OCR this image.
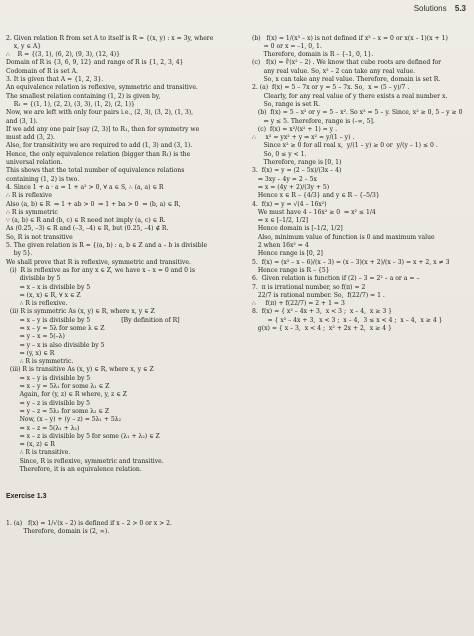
Solutions 5.3

2. Given relation R from set A to itself is R = {(x, y) : x = 3y, where
x, y ∈ A}
∴    R = {(3, 1), (6, 2), (9, 3), (12, 4)}
Domain of R is {3, 6, 9, 12} and range of R is {1, 2, 3, 4}
Codomain of R is set A.
3. It is given that A = {1, 2, 3}.
An equivalence relation is reflexive, symmetric and transitive.
The smallest relation containing (1, 2) is given by,
R₁ = {(1, 1), (2, 2), (3, 3), (1, 2), (2, 1)}
Now, we are left with only four pairs i.e., (2, 3), (3, 2), (1, 3),
and (3, 1).
If we add any one pair [say (2, 3)] to R₁, then for symmetry we
must add (3, 2).
Also, for transitivity we are required to add (1, 3) and (3, 1).
Hence, the only equivalence relation (bigger than R₁) is the
universal relation.
This shows that the total number of equivalence relations
containing (1, 2) is two.
4. Since 1 + a · a = 1 + a² > 0, ∀ a ∈ S, ∴ (a, a) ∈ R
∴ R is reflexive
Also (a, b) ∈ R  ⇒ 1 + ab > 0  ⇒ 1 + ba > 0  ⇒ (b, a) ∈ R,
∴ R is symmetric
∵ (a, b) ∈ R and (b, c) ∈ R need not imply (a, c) ∈ R.
As (0.25, –3) ∈ R and (–3, –4) ∈ R, but (0.25, –4) ∉ R.
So, R is not transitive
5. The given relation is R = {(a, b) : a, b ∈ Z and a – b is divisible
by 5}.
We shall prove that R is reflexive, symmetric and transitive.
(i)  R is reflexive as for any x ∈ Z, we have x – x = 0 and 0 is
divisible by 5
⇒ x – x is divisible by 5
⇒ (x, x) ∈ R, ∀ x ∈ Z
∴ R is reflexive.
(ii) R is symmetric As (x, y) ∈ R, where x, y ∈ Z
⇒ x – y is divisible by 5                [By definition of R]
⇒ x – y = 5λ for some λ ∈ Z
⇒ y – x = 5(–λ)
⇒ y – x is also divisible by 5
⇒ (y, x) ∈ R
∴ R is symmetric.
(iii) R is transitive As (x, y) ∈ R, where x, y ∈ Z
⇒ x – y is divisible by 5
⇒ x – y = 5λ₁ for some λ₁ ∈ Z
Again, for (y, z) ∈ R where, y, z ∈ Z
⇒ y – z is divisible by 5
⇒ y – z = 5λ₂ for some λ₂ ∈ Z
Now, (x – y) + (y – z) = 5λ₁ + 5λ₂
⇒ x – z = 5(λ₁ + λ₂)
⇒ x – z is divisible by 5 for some (λ₁ + λ₂) ∈ Z
⇒ (x, z) ∈ R
∴ R is transitive.
Since, R is reflexive, symmetric and transitive.
Therefore, it is an equivalence relation.

Exercise 1.3

1. (a)   f(x) = 1/√(x – 2) is defined if x – 2 > 0 or x > 2.
Therefore, domain is (2, ∞).

(b)   f(x) = 1/(x³ – x) is not defined if x³ – x = 0 or x(x – 1)(x + 1)
= 0 or x = –1, 0, 1.
Therefore, domain is R – {–1, 0, 1}.
(c)   f(x) = ∛(x² – 2) . We know that cube roots are defined for
any real value. So, x² – 2 can take any real value.
So, x can take any real value. Therefore, domain is set R.
2. (a)  f(x) = 5 – 7x or y = 5 – 7x. So,  x = (5 – y)/7 .
Clearly, for any real value of y there exists a real number x.
So, range is set R.
(b)  f(x) = 5 – x² or y = 5 – x². So x² = 5 – y. Since, x² ≥ 0, 5 – y ≥ 0
⇒ y ≤ 5. Therefore, range is (–∞, 5].
(c)  f(x) = x²/(x² + 1) = y .
∴     x² = yx² + y ⇒ x² = y/(1 – y) .
Since x² ≥ 0 for all real x,  y/(1 – y) ≥ 0 or  y/(y – 1) ≤ 0 .
So, 0 ≤ y < 1.
Therefore, range is [0, 1)
3.  f(x) = y = (2 – 5x)/(3x – 4)
⇒ 3xy – 4y = 2 – 5x
⇒ x = (4y + 2)/(3y + 5)
Hence x ∈ R – {4/3} and y ∈ R – {–5/3}
4.  f(x) = y = √(4 – 16x²)
We must have 4 – 16x² ≥ 0  ⇒ x² ≤ 1/4
⇒ x ∈ [–1/2, 1/2]
Hence domain is [–1/2, 1/2]
Also, minimum value of function is 0 and maximum value
2 when 16x² = 4
Hence range is [0, 2]
5.  f(x) = (x² – x – 6)/(x – 3) = (x – 3)(x + 2)/(x – 3) = x + 2, x ≠ 3
Hence range is R – {5}
6.  Given relation is function if (2) – 3 = 2² – a or a = –
7.  π is irrational number, so f(π) = 2
22/7 is rational number. So,  f(22/7) = 1 .
∴     f(π) + f(22/7) = 2 + 1 = 3
8.  f(x) = { x² – 4x + 3,  x < 3 ;  x – 4,  x ≥ 3 }
= { x² – 4x + 3,  x < 3 ;  x – 4,  3 ≤ x < 4 ;  x – 4,  x ≥ 4 }
g(x) = { x – 3,  x < 4 ;  x² + 2x + 2,  x ≥ 4 }
